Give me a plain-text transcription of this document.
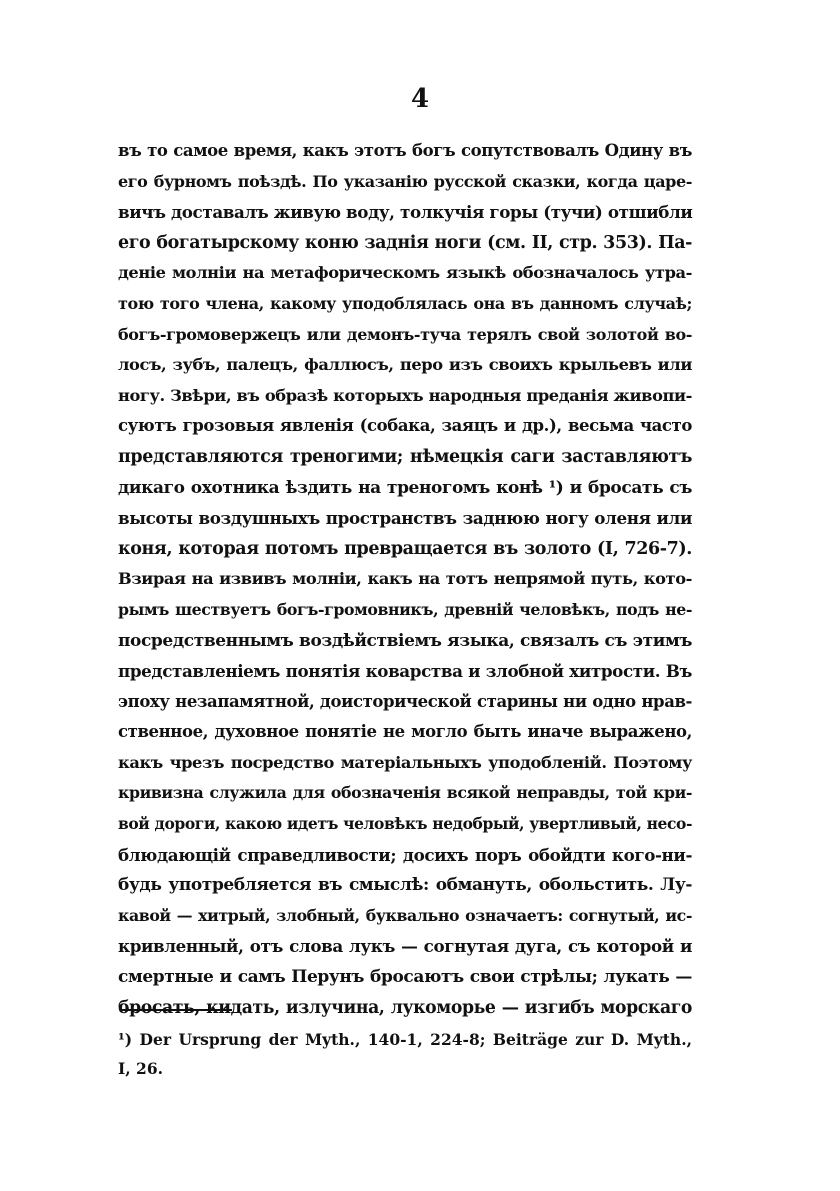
4
въ то самое время, какъ этотъ богъ сопутствовалъ Одину въ
его бурномъ поѣздѣ. По указанію русской сказки, когда царе-
вичъ доставалъ живую воду, толкучія горы (тучи) отшибли
его богатырскому коню заднія ноги (см. II, стр. 353). Па-
деніе молніи на метафорическомъ языкѣ обозначалось утра-
тою того члена, какому уподоблялась она въ данномъ случаѣ;
богъ-громовержецъ или демонъ-туча терялъ свой золотой во-
лосъ, зубъ, палецъ, фаллюсъ, перо изъ своихъ крыльевъ или
ногу. Звѣри, въ образѣ которыхъ народныя преданія живопи-
суютъ грозовыя явленія (собака, заяцъ и др.), весьма часто
представляются треногими; нѣмецкія саги заставляютъ
дикаго охотника ѣздить на треногомъ конѣ ¹) и бросать съ
высоты воздушныхъ пространствъ заднюю ногу оленя или
коня, которая потомъ превращается въ золото (I, 726-7).
Взирая на извивъ молніи, какъ на тотъ непрямой путь, кото-
рымъ шествуетъ богъ-громовникъ, древній человѣкъ, подъ не-
посредственнымъ воздѣйствіемъ языка, связалъ съ этимъ
представленіемъ понятія коварства и злобной хитрости. Въ
эпоху незапамятной, доисторической старины ни одно нрав-
ственное, духовное понятіе не могло быть иначе выражено,
какъ чрезъ посредство матеріальныхъ уподобленій. Поэтому
кривизна служила для обозначенія всякой неправды, той кри-
вой дороги, какою идетъ человѣкъ недобрый, увертливый, несо-
блюдающій справедливости; досихъ поръ обойдти кого-ни-
будь употребляется въ смыслѣ: обмануть, обольстить. Лу-
кавой — хитрый, злобный, буквально означаетъ: согнутый, ис-
кривленный, отъ слова лукъ — согнутая дуга, съ которой и
смертные и самъ Перунъ бросаютъ свои стрѣлы; лукать —
бросать, кидать, излучина, лукоморье — изгибъ морскаго
¹) Der Ursprung der Myth., 140-1, 224-8; Beiträge zur D. Myth.,
I, 26.
